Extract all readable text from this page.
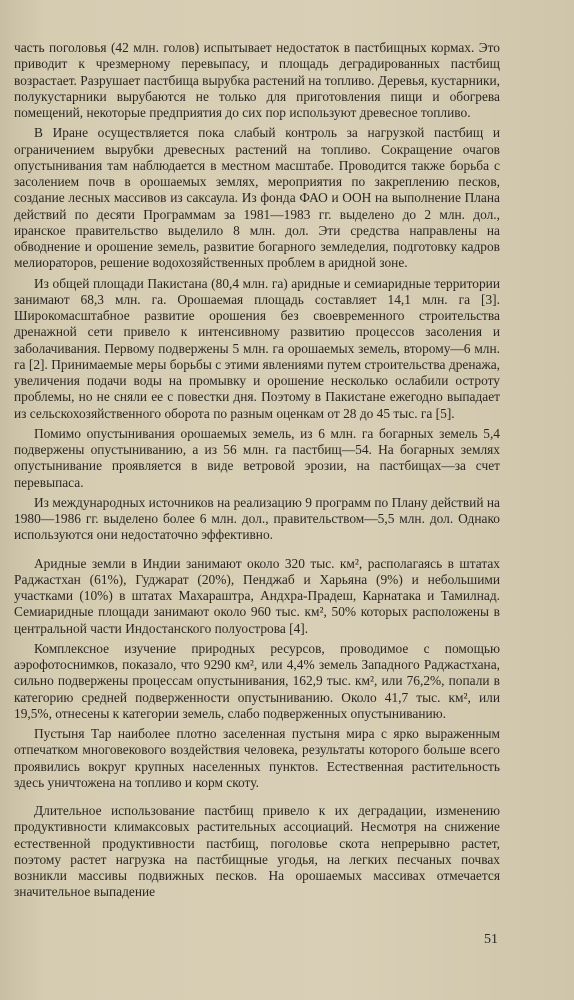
часть поголовья (42 млн. голов) испытывает недостаток в пастбищных кормах. Это приводит к чрезмерному перевыпасу, и площадь деградированных пастбищ возрастает. Разрушает пастбища вырубка растений на топливо. Деревья, кустарники, полукустарники вырубаются не только для приготовления пищи и обогрева помещений, некоторые предприятия до сих пор используют древесное топливо.

В Иране осуществляется пока слабый контроль за нагрузкой пастбищ и ограничением вырубки древесных растений на топливо. Сокращение очагов опустынивания там наблюдается в местном масштабе. Проводится также борьба с засолением почв в орошаемых землях, мероприятия по закреплению песков, создание лесных массивов из саксаула. Из фонда ФАО и ООН на выполнение Плана действий по десяти Программам за 1981—1983 гг. выделено до 2 млн. дол., иранское правительство выделило 8 млн. дол. Эти средства направлены на обводнение и орошение земель, развитие богарного земледелия, подготовку кадров мелиораторов, решение водохозяйственных проблем в аридной зоне.

Из общей площади Пакистана (80,4 млн. га) аридные и семиаридные территории занимают 68,3 млн. га. Орошаемая площадь составляет 14,1 млн. га [3]. Широкомасштабное развитие орошения без своевременного строительства дренажной сети привело к интенсивному развитию процессов засоления и заболачивания. Первому подвержены 5 млн. га орошаемых земель, второму—6 млн. га [2]. Принимаемые меры борьбы с этими явлениями путем строительства дренажа, увеличения подачи воды на промывку и орошение несколько ослабили остроту проблемы, но не сняли ее с повестки дня. Поэтому в Пакистане ежегодно выпадает из сельскохозяйственного оборота по разным оценкам от 28 до 45 тыс. га [5].

Помимо опустынивания орошаемых земель, из 6 млн. га богарных земель 5,4 подвержены опустыниванию, а из 56 млн. га пастбищ—54. На богарных землях опустынивание проявляется в виде ветровой эрозии, на пастбищах—за счет перевыпаса.

Из международных источников на реализацию 9 программ по Плану действий на 1980—1986 гг. выделено более 6 млн. дол., правительством—5,5 млн. дол. Однако используются они недостаточно эффективно.

Аридные земли в Индии занимают около 320 тыс. км², располагаясь в штатах Раджастхан (61%), Гуджарат (20%), Пенджаб и Харьяна (9%) и небольшими участками (10%) в штатах Махараштра, Андхра-Прадеш, Карнатака и Тамилнад. Семиаридные площади занимают около 960 тыс. км², 50% которых расположены в центральной части Индостанского полуострова [4].

Комплексное изучение природных ресурсов, проводимое с помощью аэрофотоснимков, показало, что 9290 км², или 4,4% земель Западного Раджастхана, сильно подвержены процессам опустынивания, 162,9 тыс. км², или 76,2%, попали в категорию средней подверженности опустыниванию. Около 41,7 тыс. км², или 19,5%, отнесены к категории земель, слабо подверженных опустыниванию.

Пустыня Тар наиболее плотно заселенная пустыня мира с ярко выраженным отпечатком многовекового воздействия человека, результаты которого больше всего проявились вокруг крупных населенных пунктов. Естественная растительность здесь уничтожена на топливо и корм скоту.

Длительное использование пастбищ привело к их деградации, изменению продуктивности климаксовых растительных ассоциаций. Несмотря на снижение естественной продуктивности пастбищ, поголовье скота непрерывно растет, поэтому растет нагрузка на пастбищные угодья, на легких песчаных почвах возникли массивы подвижных песков. На орошаемых массивах отмечается значительное выпадение

51
